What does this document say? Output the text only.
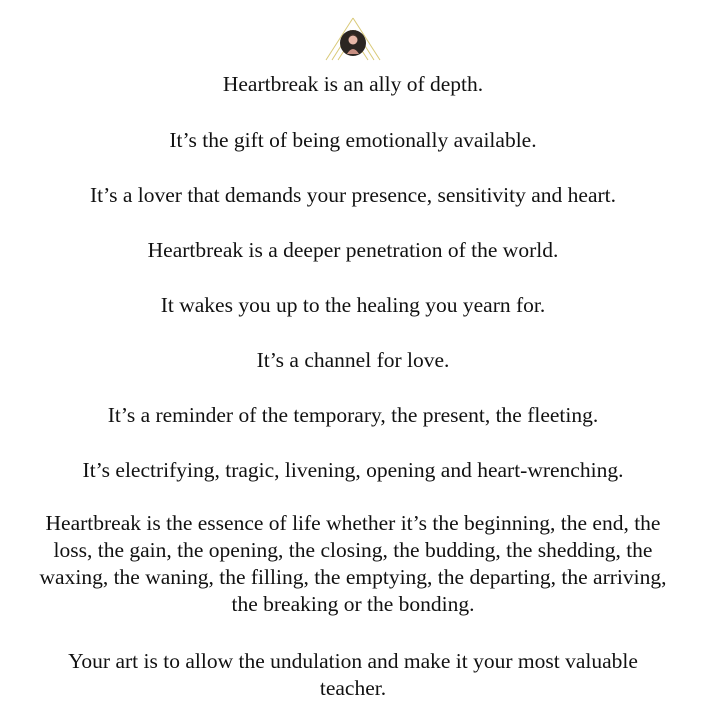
Heartbreak is an ally of depth.
It’s the gift of being emotionally available.
It’s a lover that demands your presence, sensitivity and heart.
Heartbreak is a deeper penetration of the world.
It wakes you up to the healing you yearn for.
It’s a channel for love.
It’s a reminder of the temporary, the present, the fleeting.
It’s electrifying, tragic, livening, opening and heart-wrenching.
Heartbreak is the essence of life whether it’s the beginning, the end, the
loss, the gain, the opening, the closing, the budding, the shedding, the
waxing, the waning, the filling, the emptying, the departing, the arriving,
the breaking or the bonding.
Your art is to allow the undulation and make it your most valuable
teacher.
